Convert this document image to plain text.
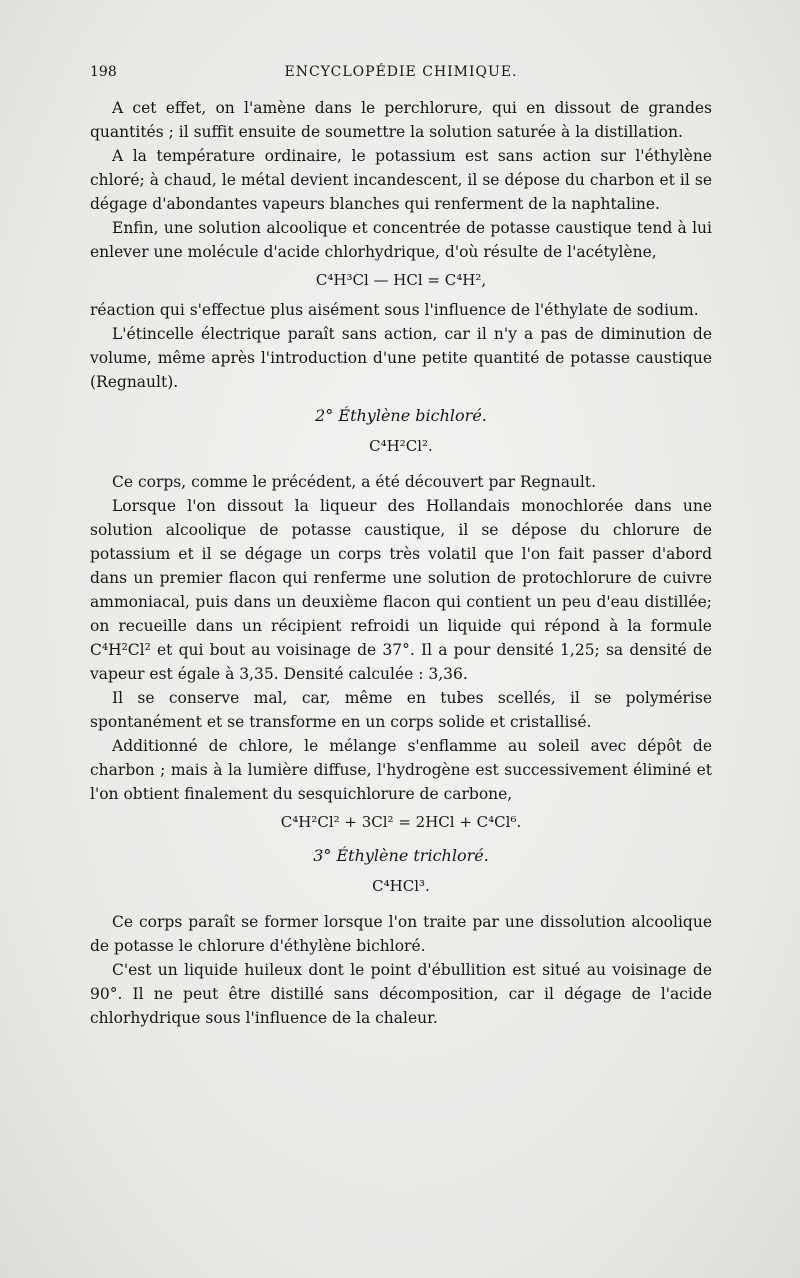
198	ENCYCLOPÉDIE CHIMIQUE.

A cet effet, on l'amène dans le perchlorure, qui en dissout de grandes quantités ; il suffit ensuite de soumettre la solution saturée à la distillation.

A la température ordinaire, le potassium est sans action sur l'éthylène chloré; à chaud, le métal devient incandescent, il se dépose du charbon et il se dégage d'abondantes vapeurs blanches qui renferment de la naphtaline.

Enfin, une solution alcoolique et concentrée de potasse caustique tend à lui enlever une molécule d'acide chlorhydrique, d'où résulte de l'acétylène,

C⁴H³Cl — HCl = C⁴H²,

réaction qui s'effectue plus aisément sous l'influence de l'éthylate de sodium.

L'étincelle électrique paraît sans action, car il n'y a pas de diminution de volume, même après l'introduction d'une petite quantité de potasse caustique (Regnault).

2° Éthylène bichloré.
C⁴H²Cl².

Ce corps, comme le précédent, a été découvert par Regnault.

Lorsque l'on dissout la liqueur des Hollandais monochlorée dans une solution alcoolique de potasse caustique, il se dépose du chlorure de potassium et il se dégage un corps très volatil que l'on fait passer d'abord dans un premier flacon qui renferme une solution de protochlorure de cuivre ammoniacal, puis dans un deuxième flacon qui contient un peu d'eau distillée; on recueille dans un récipient refroidi un liquide qui répond à la formule C⁴H²Cl² et qui bout au voisinage de 37°. Il a pour densité 1,25; sa densité de vapeur est égale à 3,35. Densité calculée : 3,36.

Il se conserve mal, car, même en tubes scellés, il se polymérise spontanément et se transforme en un corps solide et cristallisé.

Additionné de chlore, le mélange s'enflamme au soleil avec dépôt de charbon ; mais à la lumière diffuse, l'hydrogène est successivement éliminé et l'on obtient finalement du sesquichlorure de carbone,

C⁴H²Cl² + 3Cl² = 2HCl + C⁴Cl⁶.
3° Éthylène trichloré.
C⁴HCl³.

Ce corps paraît se former lorsque l'on traite par une dissolution alcoolique de potasse le chlorure d'éthylène bichloré.

C'est un liquide huileux dont le point d'ébullition est situé au voisinage de 90°. Il ne peut être distillé sans décomposition, car il dégage de l'acide chlorhydrique sous l'influence de la chaleur.
